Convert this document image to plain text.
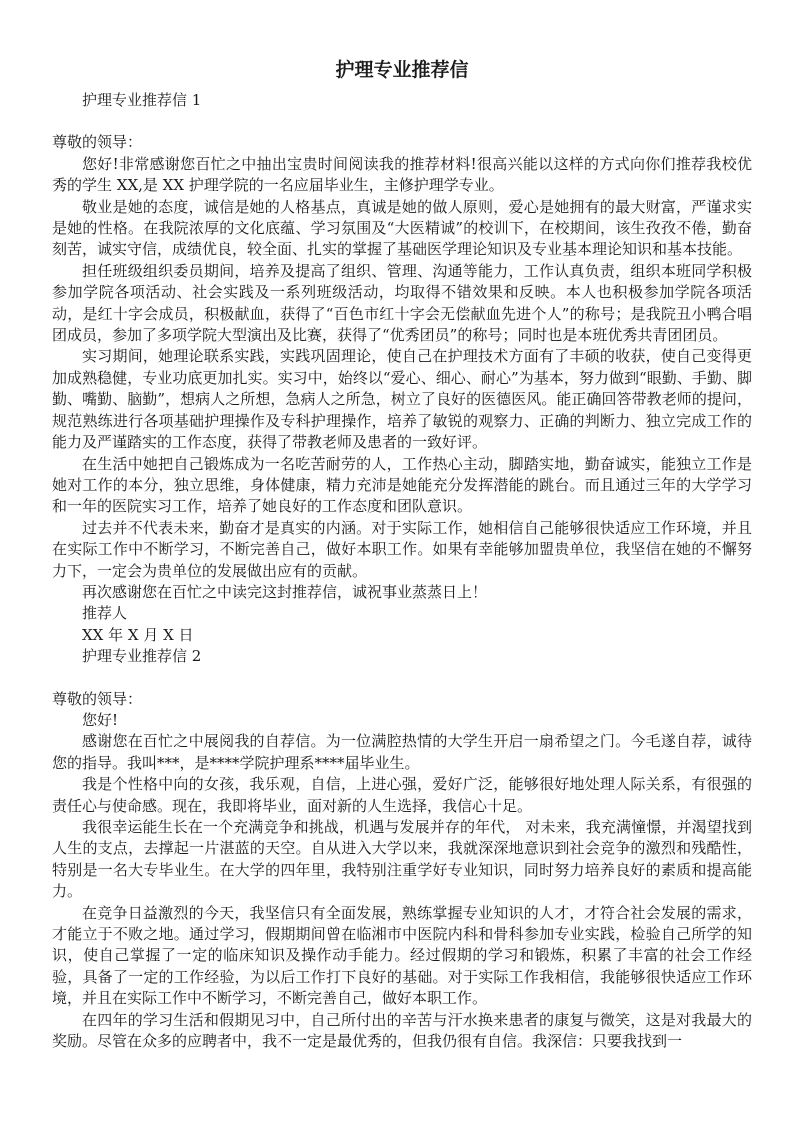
护理专业推荐信
护理专业推荐信 1
尊敬的领导：

您好!非常感谢您百忙之中抽出宝贵时间阅读我的推荐材料!很高兴能以这样的方式向你们推荐我校优秀的学生 XX,是 XX 护理学院的一名应届毕业生，主修护理学专业。

敬业是她的态度，诚信是她的人格基点，真诚是她的做人原则，爱心是她拥有的最大财富，严谨求实是她的性格。在我院浓厚的文化底蕴、学习氛围及“大医精诚”的校训下，在校期间，该生孜孜不倦，勤奋刻苦，诚实守信，成绩优良，较全面、扎实的掌握了基础医学理论知识及专业基本理论知识和基本技能。

担任班级组织委员期间，培养及提高了组织、管理、沟通等能力，工作认真负责，组织本班同学积极参加学院各项活动、社会实践及一系列班级活动，均取得不错效果和反映。本人也积极参加学院各项活动，是红十字会成员，积极献血，获得了“百色市红十字会无偿献血先进个人”的称号；是我院丑小鸭合唱团成员，参加了多项学院大型演出及比赛，获得了“优秀团员”的称号；同时也是本班优秀共青团团员。

实习期间，她理论联系实践，实践巩固理论，使自己在护理技术方面有了丰硕的收获，使自己变得更加成熟稳健，专业功底更加扎实。实习中，始终以“爱心、细心、耐心”为基本，努力做到“眼勤、手勤、脚勤、嘴勤、脑勤”，想病人之所想，急病人之所急，树立了良好的医德医风。能正确回答带教老师的提问，规范熟练进行各项基础护理操作及专科护理操作，培养了敏锐的观察力、正确的判断力、独立完成工作的能力及严谨踏实的工作态度，获得了带教老师及患者的一致好评。

在生活中她把自己锻炼成为一名吃苦耐劳的人，工作热心主动，脚踏实地，勤奋诚实，能独立工作是她对工作的本分，独立思维，身体健康，精力充沛是她能充分发挥潜能的跳台。而且通过三年的大学学习和一年的医院实习工作，培养了她良好的工作态度和团队意识。

过去并不代表未来，勤奋才是真实的内涵。对于实际工作，她相信自己能够很快适应工作环境，并且在实际工作中不断学习，不断完善自己，做好本职工作。如果有幸能够加盟贵单位，我坚信在她的不懈努力下，一定会为贵单位的发展做出应有的贡献。

再次感谢您在百忙之中读完这封推荐信，诚祝事业蒸蒸日上！

推荐人
XX 年 X 月 X 日
护理专业推荐信 2
尊敬的领导：
您好!

感谢您在百忙之中展阅我的自荐信。为一位满腔热情的大学生开启一扇希望之门。今毛遂自荐，诚待您的指导。我叫***，是****学院护理系****届毕业生。

我是个性格中向的女孩，我乐观，自信，上进心强，爱好广泛，能够很好地处理人际关系，有很强的责任心与使命感。现在，我即将毕业，面对新的人生选择，我信心十足。

我很幸运能生长在一个充满竞争和挑战，机遇与发展并存的年代， 对未来，我充满憧憬，并渴望找到人生的支点，去撑起一片湛蓝的天空。自从进入大学以来，我就深深地意识到社会竞争的激烈和残酷性，特别是一名大专毕业生。在大学的四年里，我特别注重学好专业知识，同时努力培养良好的素质和提高能力。

在竞争日益激烈的今天，我坚信只有全面发展，熟练掌握专业知识的人才，才符合社会发展的需求，才能立于不败之地。通过学习，假期期间曾在临湘市中医院内科和骨科参加专业实践，检验自己所学的知识，使自己掌握了一定的临床知识及操作动手能力。经过假期的学习和锻炼，积累了丰富的社会工作经验，具备了一定的工作经验，为以后工作打下良好的基础。对于实际工作我相信，我能够很快适应工作环境，并且在实际工作中不断学习，不断完善自己，做好本职工作。

在四年的学习生活和假期见习中，自己所付出的辛苦与汗水换来患者的康复与微笑，这是对我最大的奖励。尽管在众多的应聘者中，我不一定是最优秀的，但我仍很有自信。我深信：只要我找到一
